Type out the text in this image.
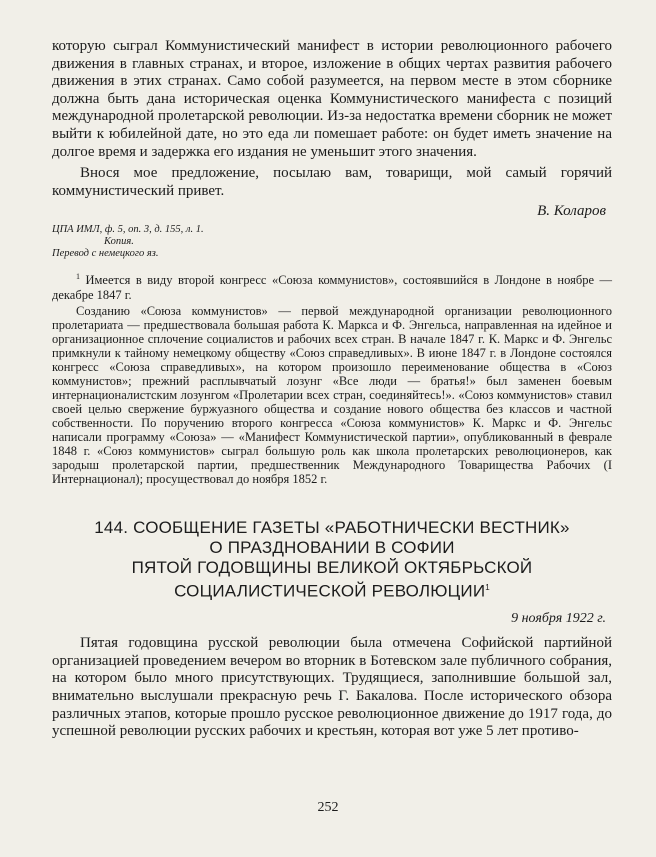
которую сыграл Коммунистический манифест в истории революционного рабочего движения в главных странах, и второе, изложение в общих чертах развития рабочего движения в этих странах. Само собой разумеется, на первом месте в этом сборнике должна быть дана историческая оценка Коммунистического манифеста с позиций международной пролетарской революции. Из-за недостатка времени сборник не может выйти к юбилейной дате, но это еда ли помешает работе: он будет иметь значение на долгое время и задержка его издания не уменьшит этого значения.

Внося мое предложение, посылаю вам, товарищи, мой самый горячий коммунистический привет.

В. Коларов
ЦПА ИМЛ, ф. 5, оп. 3, д. 155, л. 1.
Копия.
Перевод с немецкого яз.

$^1$ Имеется в виду второй конгресс «Союза коммунистов», состоявшийся в Лондоне в ноябре — декабре 1847 г.

Созданию «Союза коммунистов» — первой международной организации революционного пролетариата — предшествовала большая работа К. Маркса и Ф. Энгельса, направленная на идейное и организационное сплочение социалистов и рабочих всех стран. В начале 1847 г. К. Маркс и Ф. Энгельс примкнули к тайному немецкому обществу «Союз справедливых». В июне 1847 г. в Лондоне состоялся конгресс «Союза справедливых», на котором произошло переименование общества в «Союз коммунистов»; прежний расплывчатый лозунг «Все люди — братья!» был заменен боевым интернационалистским лозунгом «Пролетарии всех стран, соединяйтесь!». «Союз коммунистов» ставил своей целью свержение буржуазного общества и создание нового общества без классов и частной собственности. По поручению второго конгресса «Союза коммунистов» К. Маркс и Ф. Энгельс написали программу «Союза» — «Манифест Коммунистической партии», опубликованный в феврале 1848 г. «Союз коммунистов» сыграл большую роль как школа пролетарских революционеров, как зародыш пролетарской партии, предшественник Международного Товарищества Рабочих (I Интернационал); просуществовал до ноября 1852 г.

144. СООБЩЕНИЕ ГАЗЕТЫ «РАБОТНИЧЕСКИ ВЕСТНИК»
О ПРАЗДНОВАНИИ В СОФИИ
ПЯТОЙ ГОДОВЩИНЫ ВЕЛИКОЙ ОКТЯБРЬСКОЙ
СОЦИАЛИСТИЧЕСКОЙ РЕВОЛЮЦИИ$^1$
9 ноября 1922 г.

Пятая годовщина русской революции была отмечена Софийской партийной организацией проведением вечером во вторник в Ботевском зале публичного собрания, на котором было много присутствующих. Трудящиеся, заполнившие большой зал, внимательно выслушали прекрасную речь Г. Бакалова. После исторического обзора различных этапов, которые прошло русское революционное движение до 1917 года, до успешной революции русских рабочих и крестьян, которая вот уже 5 лет противо-

252
